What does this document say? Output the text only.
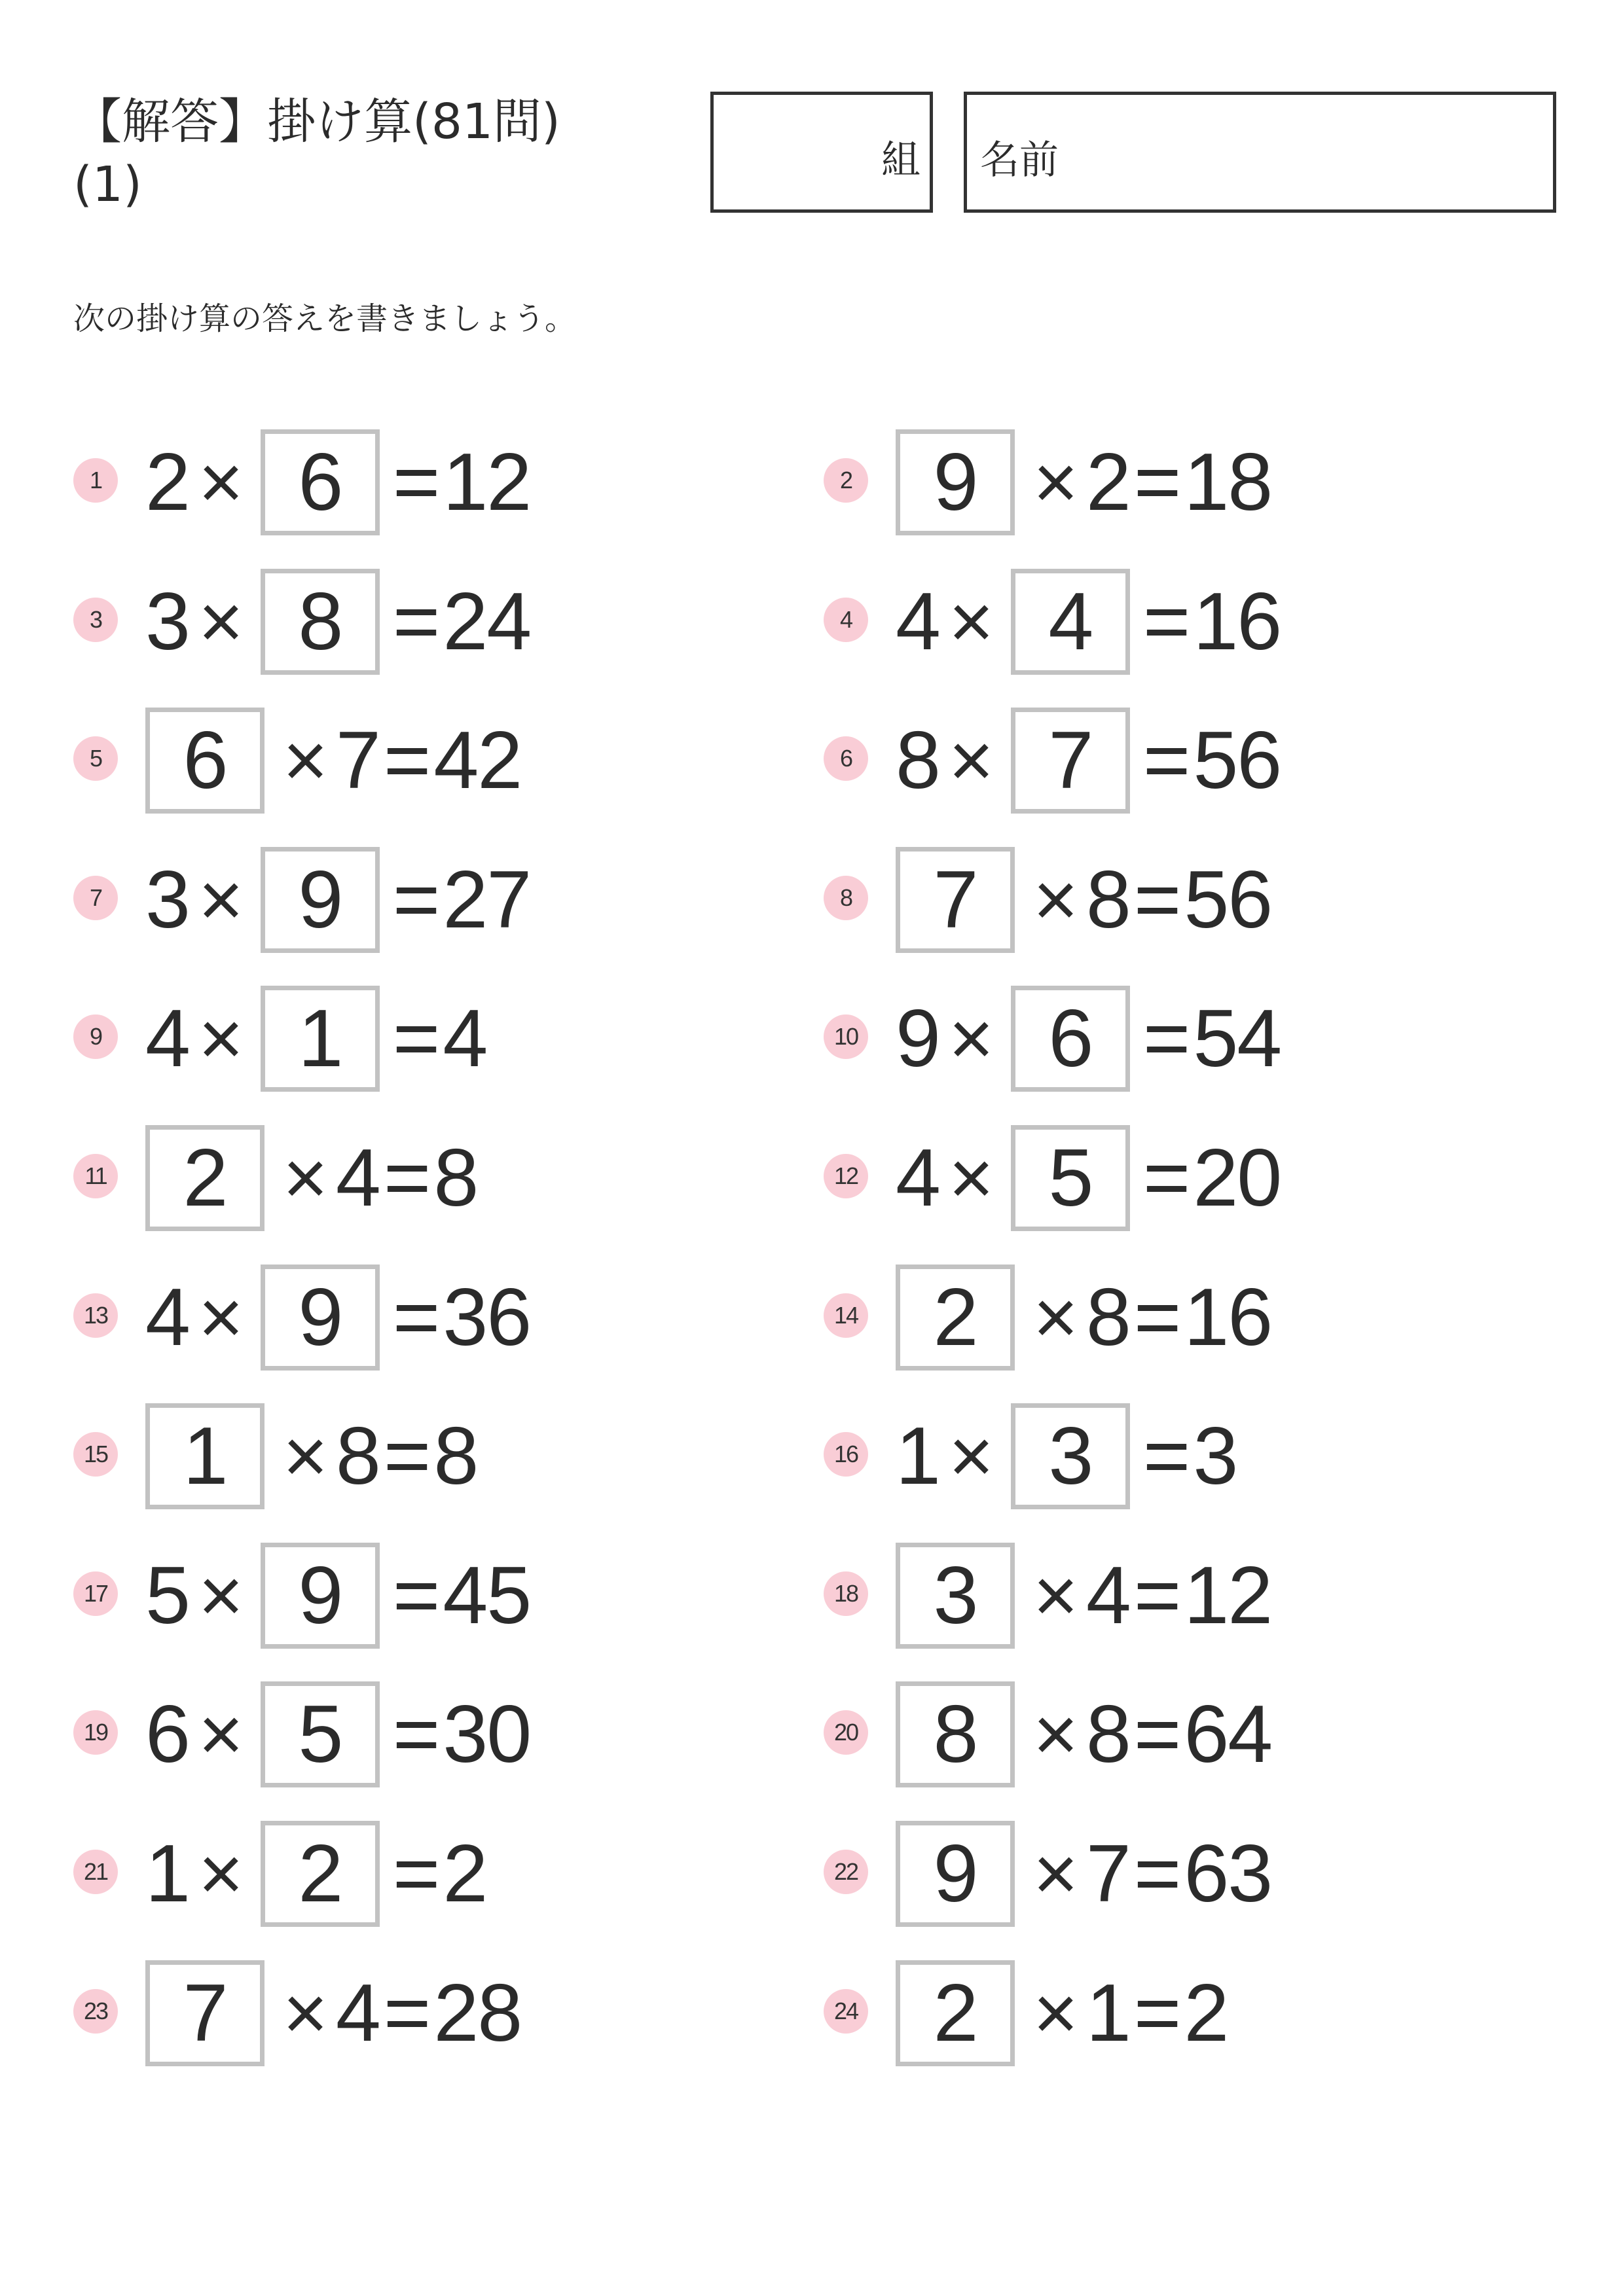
【解答】掛け算(81問)
(1)	組 名前
次の掛け算の答えを書きましょう。
1 2 × 6 = 12	2	9 × 2 = 18
3 3 × 8 = 24	4 4 × 4 = 16
5	6 × 7 = 42	6 8 × 7 = 56
7 3 × 9 = 27	8	7 × 8 = 56
9 4 × 1 = 4	10 9 × 6 = 54
11 2 × 4 = 8	12 4 × 5 = 20
13 4 × 9 = 36	14 2 × 8 = 16
15 1 × 8 = 8	16 1 × 3 = 3
17 5 × 9 = 45	18 3 × 4 = 12
19 6 × 5 = 30	20 8 × 8 = 64
21 1 × 2 = 2	22 9 × 7 = 63
23 7 × 4 = 28	24 2 × 1 = 2
